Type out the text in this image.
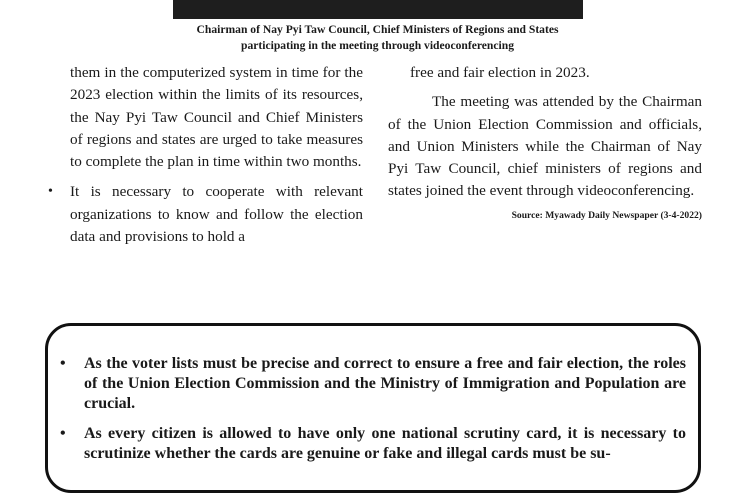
Chairman of Nay Pyi Taw Council, Chief Ministers of Regions and States
participating in the meeting through videoconferencing

them in the computerized system in time for the 2023 election within the limits of its resources, the Nay Pyi Taw Council and Chief Ministers of regions and states are urged to take measures to complete the plan in time within two months.

•	It is necessary to cooperate with relevant organizations to know and follow the election data and provisions to hold a

free and fair election in 2023.

The meeting was attended by the Chairman of the Union Election Commission and officials, and Union Ministers while the Chairman of Nay Pyi Taw Council, chief ministers of regions and states joined the event through videoconferencing.

Source: Myawady Daily Newspaper (3-4-2022)
•	As the voter lists must be precise and correct to ensure a free and fair election, the roles of the Union Election Commission and the Ministry of Immigration and Population are crucial.
•	As every citizen is allowed to have only one national scrutiny card, it is necessary to scrutinize whether the cards are genuine or fake and illegal cards must be su-
